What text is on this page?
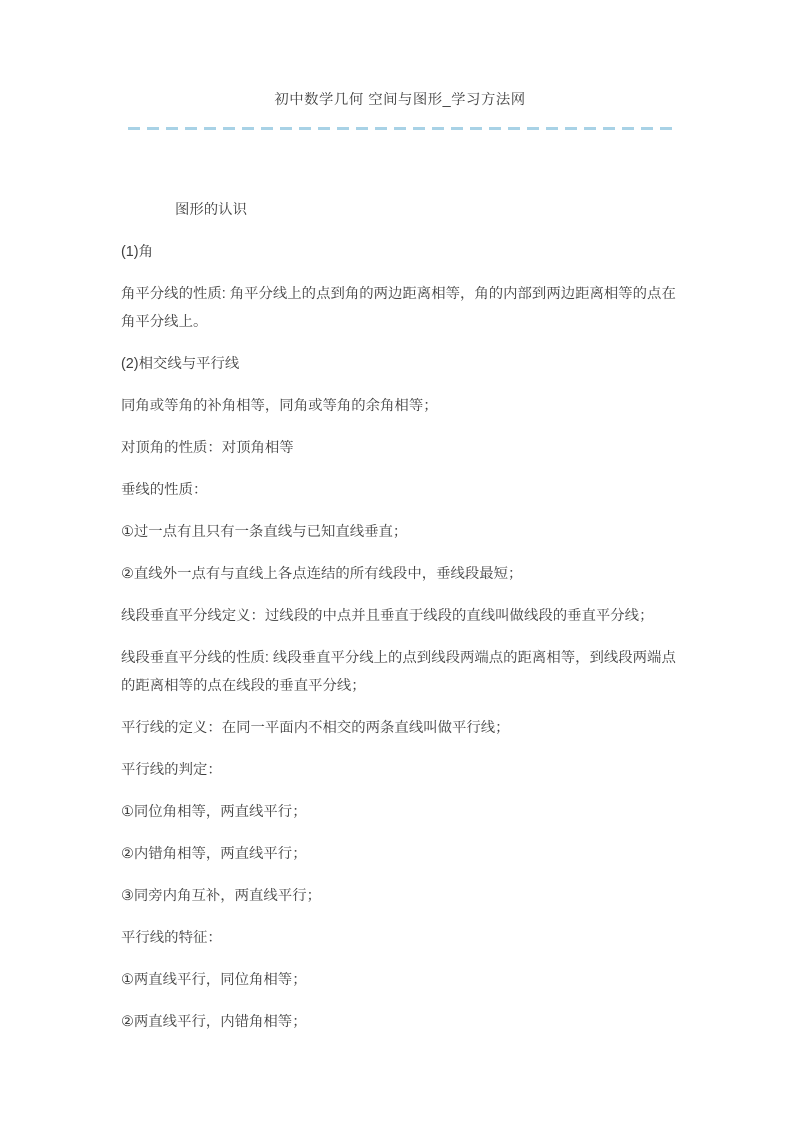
初中数学几何 空间与图形_学习方法网

图形的认识

(1)角

角平分线的性质: 角平分线上的点到角的两边距离相等，角的内部到两边距离相等的点在角平分线上。

(2)相交线与平行线

同角或等角的补角相等，同角或等角的余角相等；

对顶角的性质：对顶角相等

垂线的性质：

①过一点有且只有一条直线与已知直线垂直；

②直线外一点有与直线上各点连结的所有线段中，垂线段最短；

线段垂直平分线定义：过线段的中点并且垂直于线段的直线叫做线段的垂直平分线；

线段垂直平分线的性质: 线段垂直平分线上的点到线段两端点的距离相等，到线段两端点的距离相等的点在线段的垂直平分线；

平行线的定义：在同一平面内不相交的两条直线叫做平行线；

平行线的判定：

①同位角相等，两直线平行；

②内错角相等，两直线平行；

③同旁内角互补，两直线平行；

平行线的特征：

①两直线平行，同位角相等；

②两直线平行，内错角相等；
